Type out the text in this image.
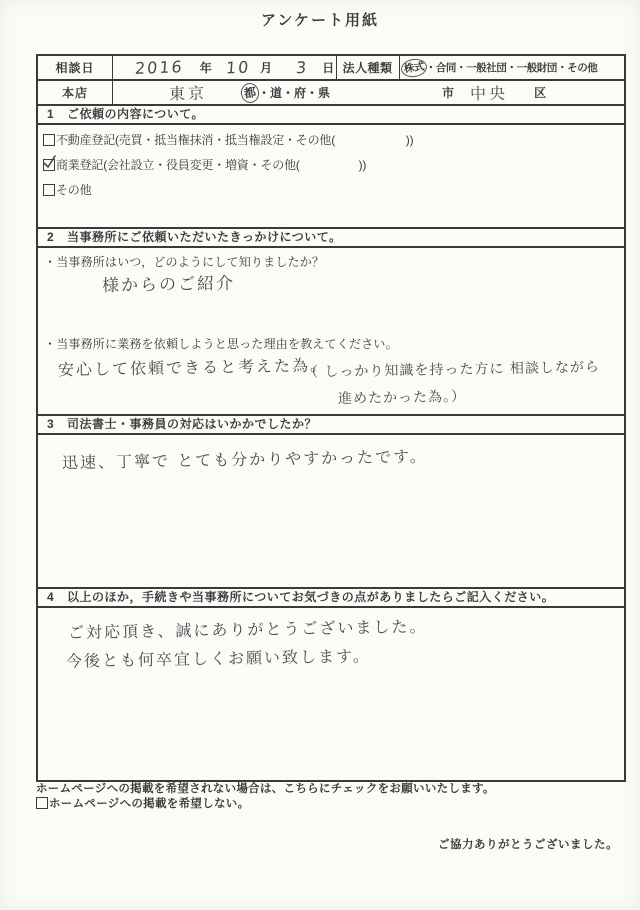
アンケート用紙
相談日	2016 年 10 月 3 日 法人種類 株式 ・合同・一般社団・一般財団・その他
本店	東京	都 ・道・府・県	市 中央 区
1 ご依頼の内容について。
不動産登記(売買・抵当権抹消・抵当権設定・その他(　　　　　　))
商業登記(会社設立・役員変更・増資・その他(　　　　　))
その他
2 当事務所にご依頼いただいたきっかけについて。
・当事務所はいつ，どのようにして知りましたか？
様からのご紹介
・当事務所に業務を依頼しようと思った理由を教えてください。
安心して依頼できると考えた為。
（ しっかり知識を持った方に 相談しながら
進めたかった為。）
3 司法書士・事務員の対応はいかかでしたか？
迅速、丁寧で とても分かりやすかったです。
4 以上のほか，手続きや当事務所についてお気づきの点がありましたらご記入ください。
ご対応頂き、誠にありがとうございました。
今後とも何卒宜しくお願い致します。
ホームページへの掲載を希望されない場合は、こちらにチェックをお願いいたします。
ホームページへの掲載を希望しない。
ご協力ありがとうございました。
